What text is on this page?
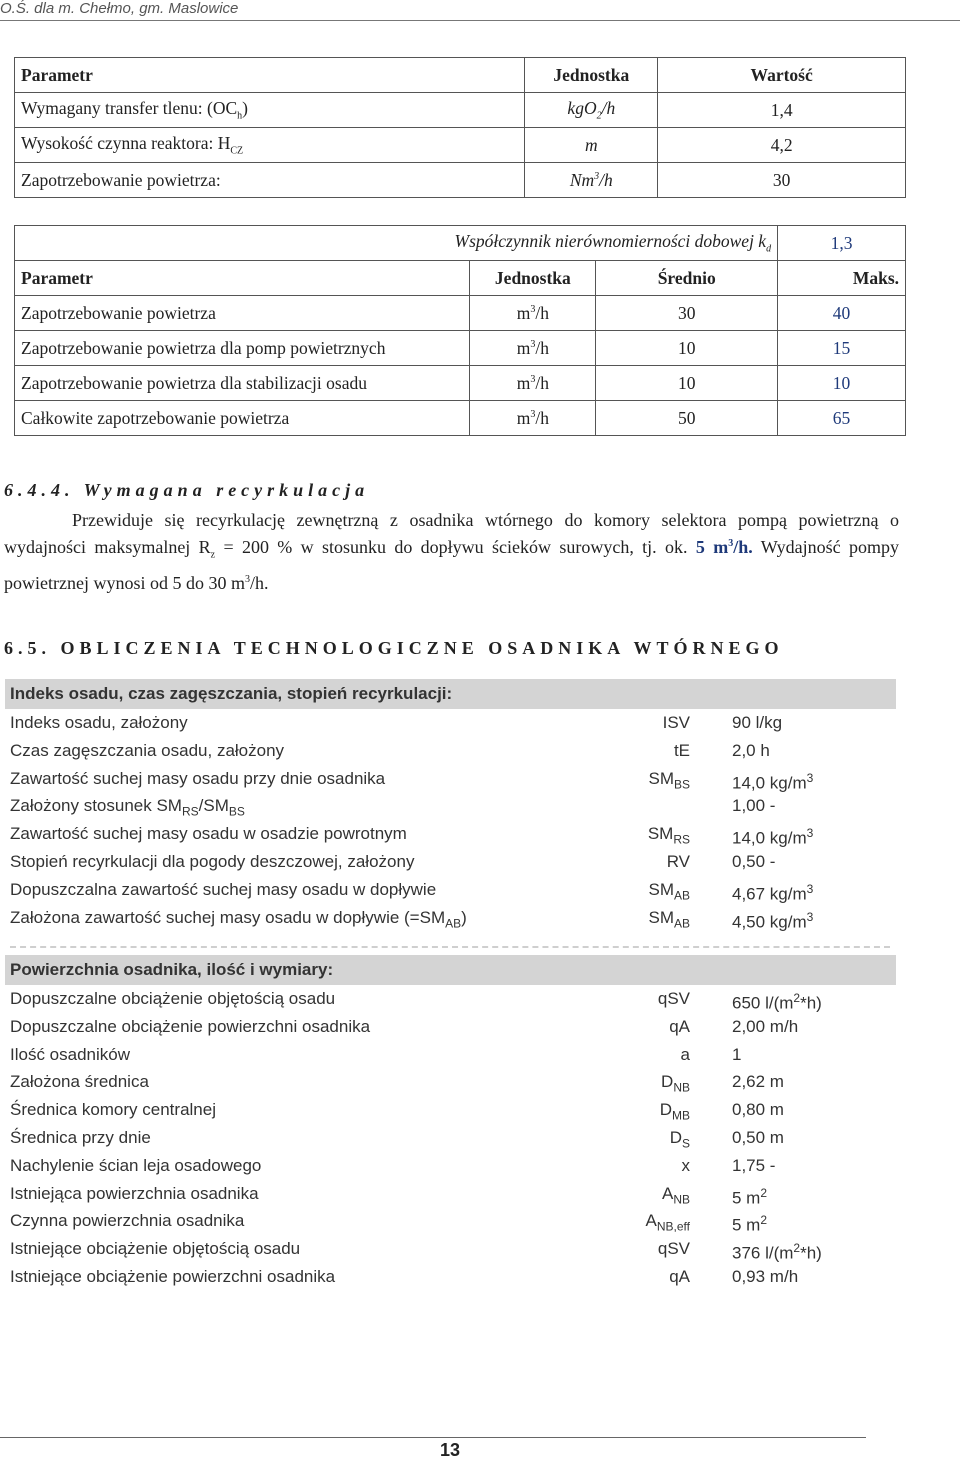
O.Ś. dla m. Chełmo, gm. Maslowice
Parametr	Jednostka	Wartość
Wymagany transfer tlenu: $(OC_h)$	kgO$_2$/h	1,4
Wysokość czynna reaktora: $H_{CZ}$	m	4,2
Zapotrzebowanie powietrza:	Nm$^3$/h	30
Współczynnik nierównomierności dobowej $k_d$			1,3
Parametr	Jednostka	Średnio	Maks.
Zapotrzebowanie powietrza	$m^3/h$	30	40
Zapotrzebowanie powietrza dla pomp powietrznych	$m^3/h$	10	15
Zapotrzebowanie powietrza dla stabilizacji osadu	$m^3/h$	10	10
Całkowite zapotrzebowanie powietrza	$m^3/h$	50	65
6.4.4. Wymagana recyrkulacja
Przewiduje się recyrkulację zewnętrzną z osadnika wtórnego do komory selektora pompą powietrzną o wydajności maksymalnej $R_z = 200$ % w stosunku do dopływu ścieków surowych, tj. ok. 5 $m^3/h$. Wydajność pompy powietrznej wynosi od 5 do 30 $m^3/h$.
6.5. OBLICZENIA TECHNOLOGICZNE OSADNIKA WTÓRNEGO
Indeks osadu, czas zagęszczania, stopień recyrkulacji:
Indeks osadu, założony	ISV 90 l/kg
Czas zagęszczania osadu, założony	tE 2,0 h
Zawartość suchej masy osadu przy dnie osadnika	$SM_{BS}$ 14,0 $kg/m^3$
Założony stosunek $SM_{RS}/SM_{BS}$	1,00 -
Zawartość suchej masy osadu w osadzie powrotnym	$SM_{RS}$ 14,0 $kg/m^3$
Stopień recyrkulacji dla pogody deszczowej, założony	RV 0,50 -
Dopuszczalna zawartość suchej masy osadu w dopływie	$SM_{AB}$ 4,67 $kg/m^3$
Założona zawartość suchej masy osadu w dopływie $(=SM_{AB})$	$SM_{AB}$ 4,50 $kg/m^3$
Powierzchnia osadnika, ilość i wymiary:
Dopuszczalne obciążenie objętością osadu	qSV 650 $l/(m^2*h)$
Dopuszczalne obciążenie powierzchni osadnika	qA 2,00 m/h
Ilość osadników	a 1
Założona średnica	$D_{NB}$ 2,62 m
Średnica komory centralnej	$D_{MB}$ 0,80 m
Średnica przy dnie	$D_S$ 0,50 m
Nachylenie ścian leja osadowego	x 1,75 -
Istniejąca powierzchnia osadnika	$A_{NB}$ 5 $m^2$
Czynna powierzchnia osadnika	$A_{NB,eff}$ 5 $m^2$
Istniejące obciążenie objętością osadu	qSV 376 $l/(m^2*h)$
Istniejące obciążenie powierzchni osadnika	qA 0,93 m/h
13
